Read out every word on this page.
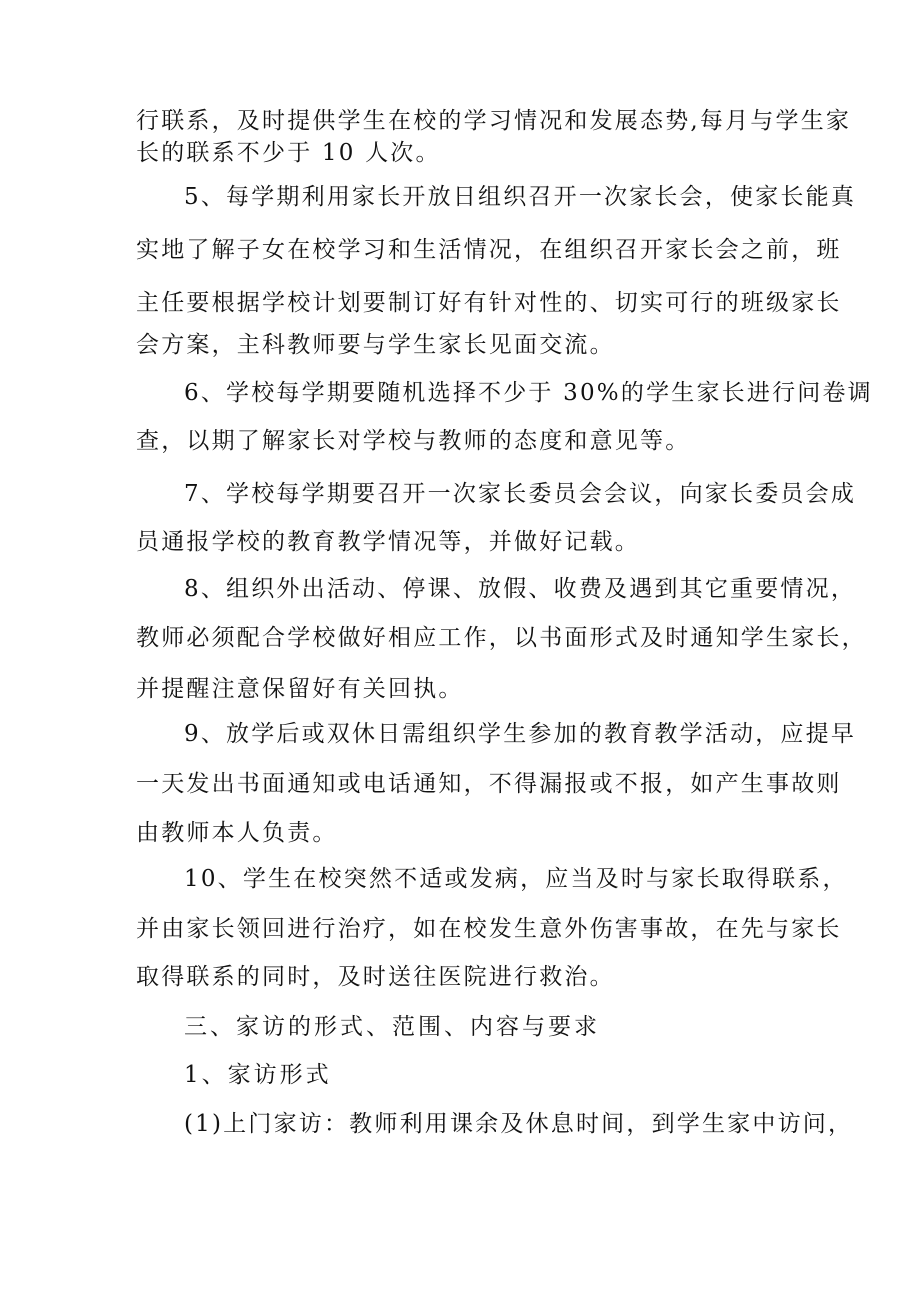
行联系，及时提供学生在校的学习情况和发展态势,每月与学生家
长的联系不少于 10 人次。
5、每学期利用家长开放日组织召开一次家长会，使家长能真
实地了解子女在校学习和生活情况，在组织召开家长会之前，班
主任要根据学校计划要制订好有针对性的、切实可行的班级家长
会方案，主科教师要与学生家长见面交流。
6、学校每学期要随机选择不少于 30%的学生家长进行问卷调
查，以期了解家长对学校与教师的态度和意见等。
7、学校每学期要召开一次家长委员会会议，向家长委员会成
员通报学校的教育教学情况等，并做好记载。
8、组织外出活动、停课、放假、收费及遇到其它重要情况，
教师必须配合学校做好相应工作，以书面形式及时通知学生家长，
并提醒注意保留好有关回执。
9、放学后或双休日需组织学生参加的教育教学活动，应提早
一天发出书面通知或电话通知，不得漏报或不报，如产生事故则
由教师本人负责。
10、学生在校突然不适或发病，应当及时与家长取得联系，
并由家长领回进行治疗，如在校发生意外伤害事故，在先与家长
取得联系的同时，及时送往医院进行救治。
三、家访的形式、范围、内容与要求
1、家访形式
(1)上门家访：教师利用课余及休息时间，到学生家中访问，
